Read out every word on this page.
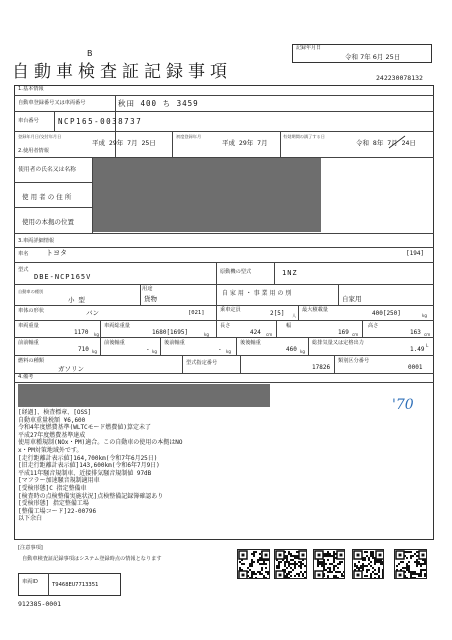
B
記録年月日
令和 7年 6月 25日
自動車検査証記録事項	242230078132
1.基本情報
自動車登録番号又は車両番号	秋田 400 ち 3459
車台番号	NCP165-0038737
登録年月日/交付年月日
平成 29年 7月 25日
初度登録年月
平成 29年 7月
有効期間の満了する日
令和 8年 7月 24日
2.使用者情報
使用者の氏名又は名称
使 用 者 の 住 所
使用の本拠の位置
3.車両詳細情報
車名	トヨタ	[194]
型式
DBE-NCP165V
原動機の型式	1NZ
自動車の種別
小 型
用途
貨物
自 家 用 ・ 事 業 用 の 別
自家用
車体の形状	バン	[021]	乗車定員	2[5] 人
最大積載量	400[250]	kg
車両重量
1170 kg
車両総重量
1680[1695]	kg
長さ
424 cm
幅
169 cm
高さ
163 cm
前前軸重
710 kg
前後軸重
- kg
後前軸重
- kg
後後軸重
460 kg
総排気量又は定格出力
1.49
L
燃料の種類
ガソリン
型式指定番号
17826
類別区分番号
0001
4.備考
'70
[経過]、検査標章、[OSS]
自動車重量税額 ¥6,600
令和4年度燃費基準(WLTCモード燃費値)算定未了
平成27年度燃費基準達成
使用車種規制(NOx・PM)適合。この自動車の使用の本拠はNO
x・PM対策地域外です。
[走行距離計表示値]164,700km(令和7年6月25日)
[旧走行距離計表示値]143,600km(令和6年7月9日)
平成11年騒音規制車、近接排気騒音規制値 97dB
[マフラー加速騒音規制適用車
[受検形態]C 指定整備車
[検査時の点検整備実施状況]点検整備記録簿確認あり
[受検形態] 指定整備工場
[整備工場コード]22-00796
以下余白
[注意事項]
自動車検査証記録事項はシステム登録時点の情報となります
車両ID	T9468EU7713351
912385-0001
